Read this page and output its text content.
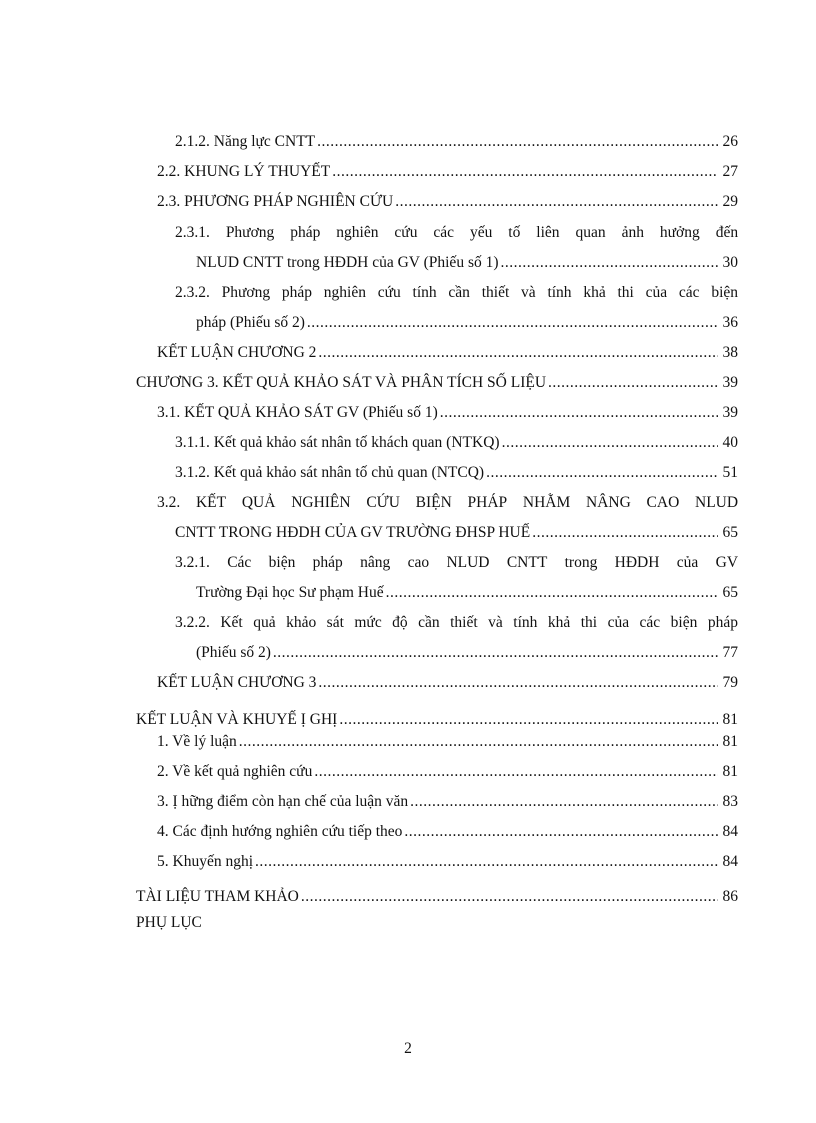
2.1.2. Năng lực CNTT .....	26
2.2. KHUNG LÝ THUYẾT .....	27
2.3. PHƯƠNG PHÁP NGHIÊN CỨU .....	29
2.3.1. Phương pháp nghiên cứu các yếu tố liên quan ảnh hưởng đến
NLUD CNTT trong HĐDH của GV (Phiếu số 1) .....	30
2.3.2. Phương pháp nghiên cứu tính cần thiết và tính khả thi của các biện
pháp (Phiếu số 2) .....	36
KẾT LUẬN CHƯƠNG 2 .....	38
CHƯƠNG 3. KẾT QUẢ KHẢO SÁT VÀ PHÂN TÍCH SỐ LIỆU .....	39
3.1. KẾT QUẢ KHẢO SÁT GV (Phiếu số 1) .....	39
3.1.1. Kết quả khảo sát nhân tố khách quan (NTKQ) .....	40
3.1.2. Kết quả khảo sát nhân tố chủ quan (NTCQ) .....	51
3.2. KẾT QUẢ NGHIÊN CỨU BIỆN PHÁP NHẰM NÂNG CAO NLUD
CNTT TRONG HĐDH CỦA GV TRƯỜNG ĐHSP HUẾ .....	65
3.2.1. Các biện pháp nâng cao NLUD CNTT trong HĐDH của GV
Trường Đại học Sư phạm Huế .....	65
3.2.2. Kết quả khảo sát mức độ cần thiết và tính khả thi của các biện pháp
(Phiếu số 2) .....	77
KẾT LUẬN CHƯƠNG 3 .....	79
KẾT LUẬN VÀ KHUYẾ Ị GHỊ .....	81
1. Về lý luận .....	81
2. Về kết quả nghiên cứu .....	81
3. Ị hững điểm còn hạn chế của luận văn .....	83
4. Các định hướng nghiên cứu tiếp theo .....	84
5. Khuyến nghị .....	84
TÀI LIỆU THAM KHẢO .....	86
PHỤ LỤC
2
